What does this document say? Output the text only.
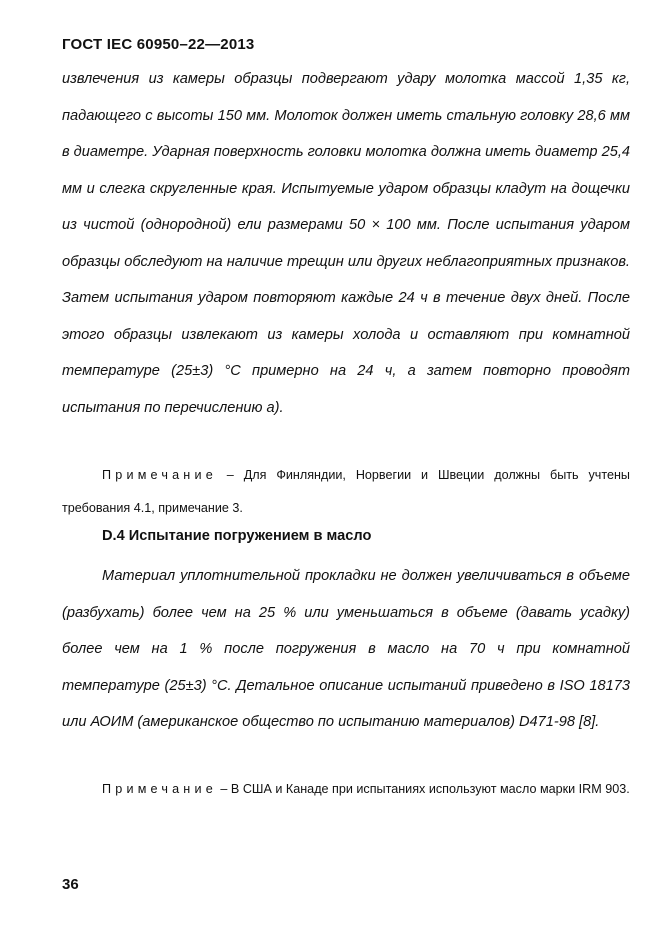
ГОСТ IEC 60950–22—2013
извлечения из камеры образцы подвергают удару молотка массой 1,35 кг, падающего с высоты 150 мм. Молоток должен иметь стальную головку 28,6 мм в диаметре. Ударная поверхность головки молотка должна иметь диаметр 25,4 мм и слегка скругленные края. Испытуемые ударом образцы кладут на дощечки из чистой (однородной) ели размерами 50 × 100 мм. После испытания ударом образцы обследуют на наличие трещин или других неблагоприятных признаков. Затем испытания ударом повторяют каждые 24 ч в течение двух дней. После этого образцы извлекают из камеры холода и оставляют при комнатной температуре (25±3) °С примерно на 24 ч, а затем повторно проводят испытания по перечислению а).
Примечание – Для Финляндии, Норвегии и Швеции должны быть учтены требования 4.1, примечание 3.
D.4 Испытание погружением в масло
Материал уплотнительной прокладки не должен увеличиваться в объеме (разбухать) более чем на 25 % или уменьшаться в объеме (давать усадку) более чем на 1 % после погружения в масло на 70 ч при комнатной температуре (25±3) °С. Детальное описание испытаний приведено в ISO 18173 или АОИМ (американское общество по испытанию материалов) D471-98 [8].
Примечание – В США и Канаде при испытаниях используют масло марки IRM 903.
36
